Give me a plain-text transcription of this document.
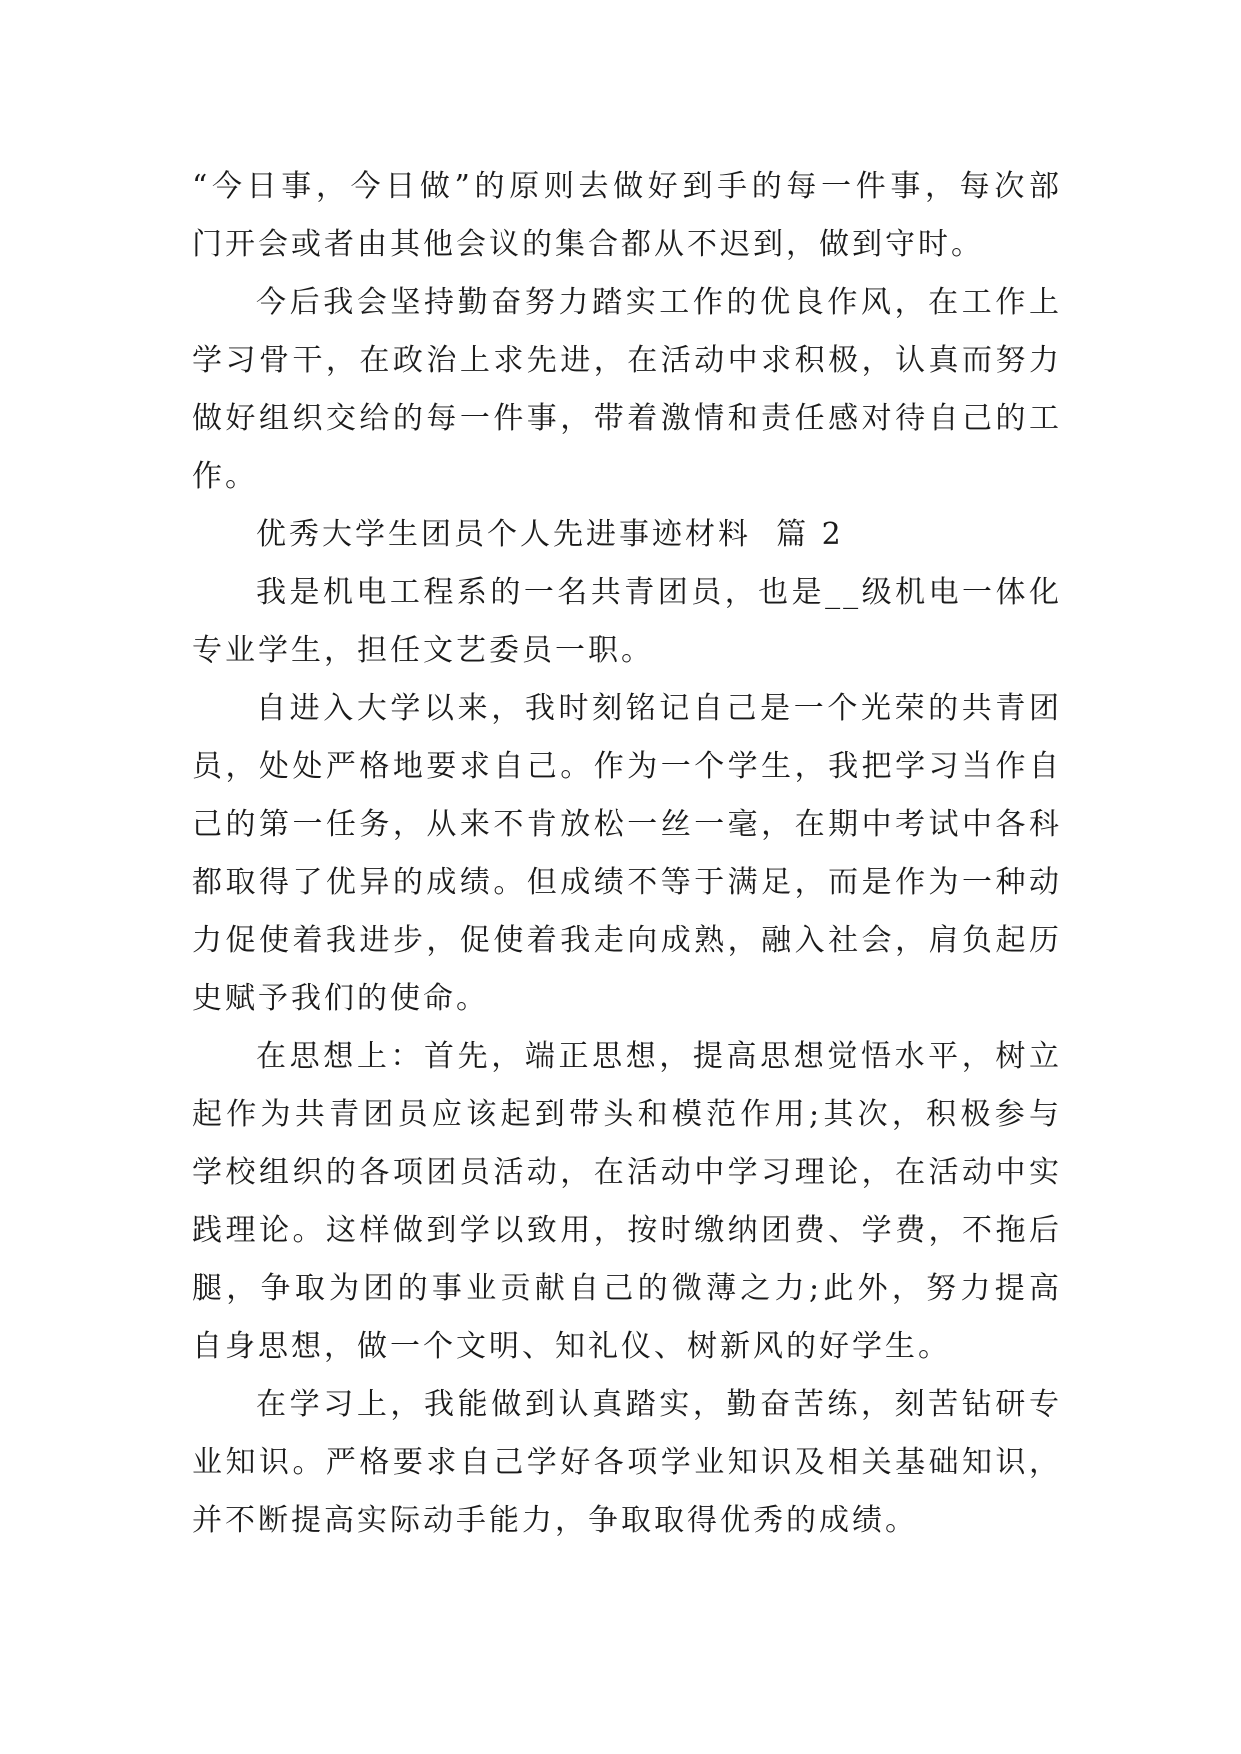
“今日事，今日做”的原则去做好到手的每一件事，每次部
门开会或者由其他会议的集合都从不迟到，做到守时。
今后我会坚持勤奋努力踏实工作的优良作风，在工作上
学习骨干，在政治上求先进，在活动中求积极，认真而努力
做好组织交给的每一件事，带着激情和责任感对待自己的工
作。
优秀大学生团员个人先进事迹材料  篇 2
我是机电工程系的一名共青团员，也是__级机电一体化
专业学生，担任文艺委员一职。
自进入大学以来，我时刻铭记自己是一个光荣的共青团
员，处处严格地要求自己。作为一个学生，我把学习当作自
己的第一任务，从来不肯放松一丝一毫，在期中考试中各科
都取得了优异的成绩。但成绩不等于满足，而是作为一种动
力促使着我进步，促使着我走向成熟，融入社会，肩负起历
史赋予我们的使命。
在思想上：首先，端正思想，提高思想觉悟水平，树立
起作为共青团员应该起到带头和模范作用;其次，积极参与
学校组织的各项团员活动，在活动中学习理论，在活动中实
践理论。这样做到学以致用，按时缴纳团费、学费，不拖后
腿，争取为团的事业贡献自己的微薄之力;此外，努力提高
自身思想，做一个文明、知礼仪、树新风的好学生。
在学习上，我能做到认真踏实，勤奋苦练，刻苦钻研专
业知识。严格要求自己学好各项学业知识及相关基础知识，
并不断提高实际动手能力，争取取得优秀的成绩。
